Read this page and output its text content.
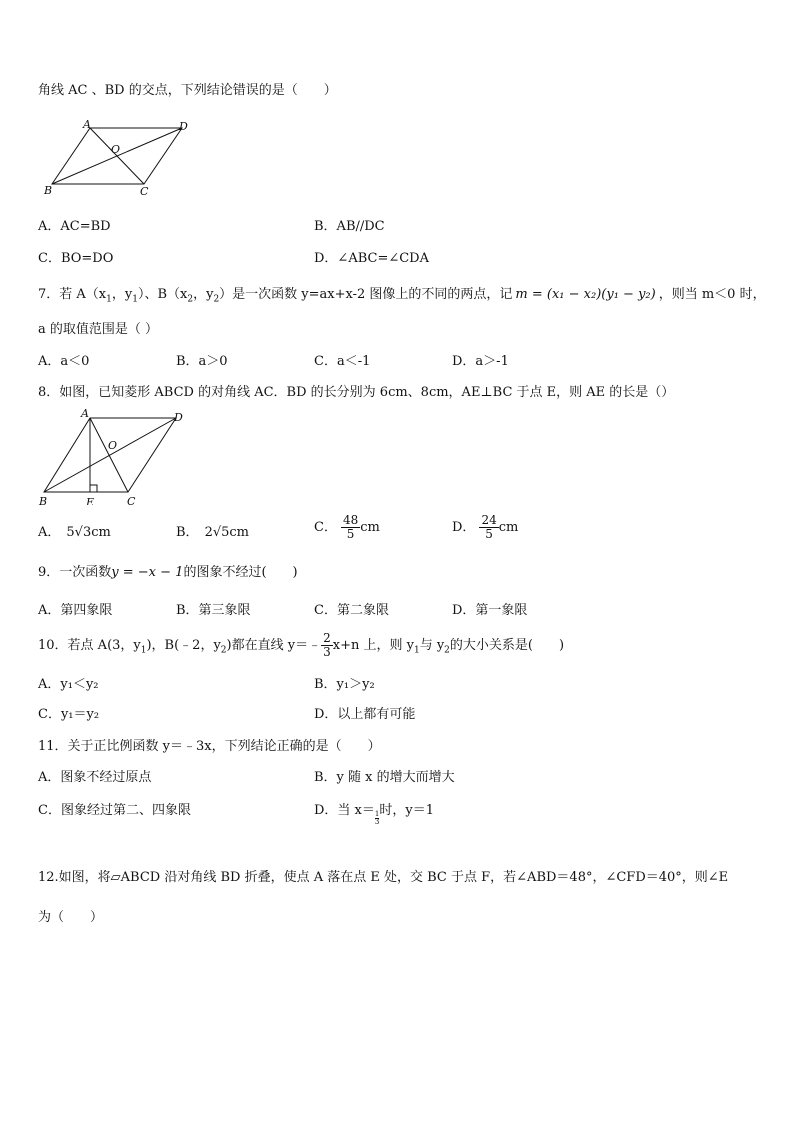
角线 AC 、BD 的交点，下列结论错误的是（　　）
A	D
O
B	C
A．AC=BD	B．AB//DC
C．BO=DO	D．∠ABC=∠CDA
7．若 $A(x_1$，$y_1$）、$B(x_2$，$y_2$）是一次函数 y=ax+x-2 图像上的不同的两点，记 m = (x₁ − x₂)(y₁ − y₂) ，则当 m＜0 时，
a 的取值范围是（ ）
A．a＜0	B．a＞0	C．a＜-1	D．a＞-1
8．如图，已知菱形 ABCD 的对角线 AC．BD 的长分别为 6cm、8cm，AE⊥BC 于点 E，则 AE 的长是（）
A	D
O
B	E	C
A． 5√3cm	B． 2√5cm	C． $\frac{48}{5}$ cm	D． $\frac{24}{5}$ cm
9．一次函数y = −x − 1的图象不经过(　　)
A．第四象限	B．第三象限	C．第二象限	D．第一象限
10．若点 A(3，$y_1$)，B(﹣2，$y_2$)都在直线 y＝﹣ $\frac{2}{3} x+n$ 上，则 $y_1$与 $y_2$的大小关系是(　　)
A．y₁＜y₂	B．y₁＞y₂
C．y₁＝y₂	D．以上都有可能
11．关于正比例函数 y＝﹣3x，下列结论正确的是（　　）
A．图象不经过原点	B．y 随 x 的增大而增大
C．图象经过第二、四象限	D．当 x＝
$\frac{1}{3}$
时，y＝1
12.如图，将▱ABCD 沿对角线 BD 折叠，使点 A 落在点 E 处，交 BC 于点 F，若∠ABD＝48°，∠CFD＝40°，则∠E
为（　　）
